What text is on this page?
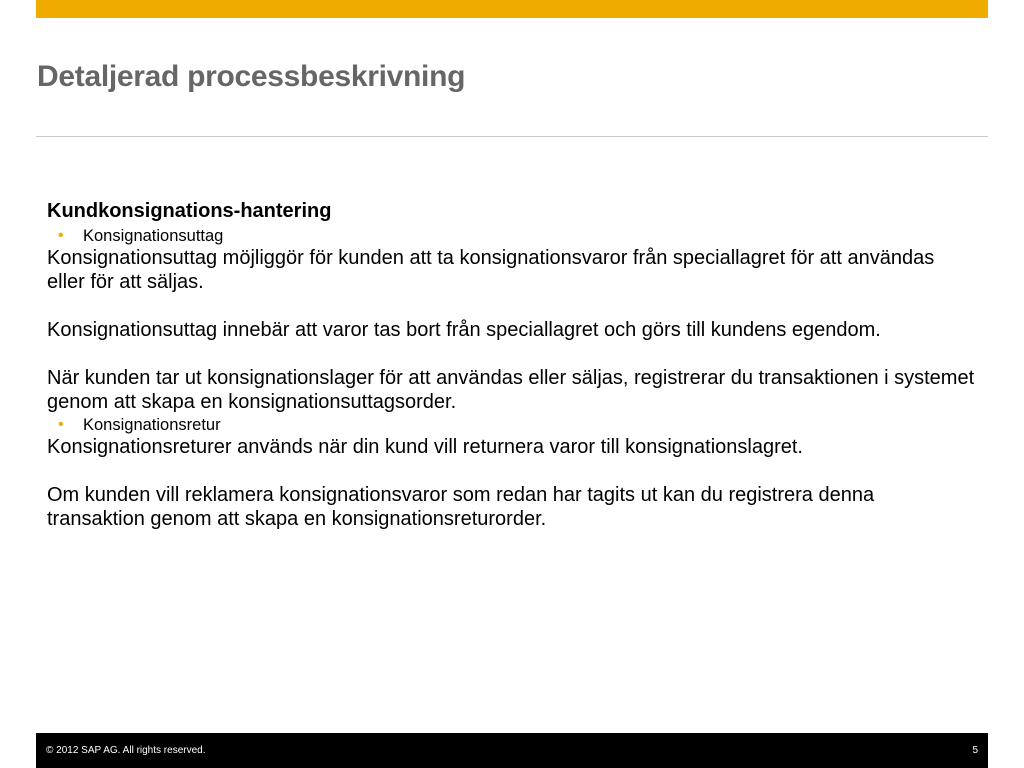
Detaljerad processbeskrivning

Kundkonsignations-hantering

• Konsignationsuttag

Konsignationsuttag möjliggör för kunden att ta konsignationsvaror från speciallagret för att användas eller för att säljas.

Konsignationsuttag innebär att varor tas bort från speciallagret och görs till kundens egendom.

När kunden tar ut konsignationslager för att användas eller säljas, registrerar du transaktionen i systemet genom att skapa en konsignationsuttagsorder.

• Konsignationsretur

Konsignationsreturer används när din kund vill returnera varor till konsignationslagret.

Om kunden vill reklamera konsignationsvaror som redan har tagits ut kan du registrera denna transaktion genom att skapa en konsignationsreturorder.

© 2012 SAP AG. All rights reserved.	5
